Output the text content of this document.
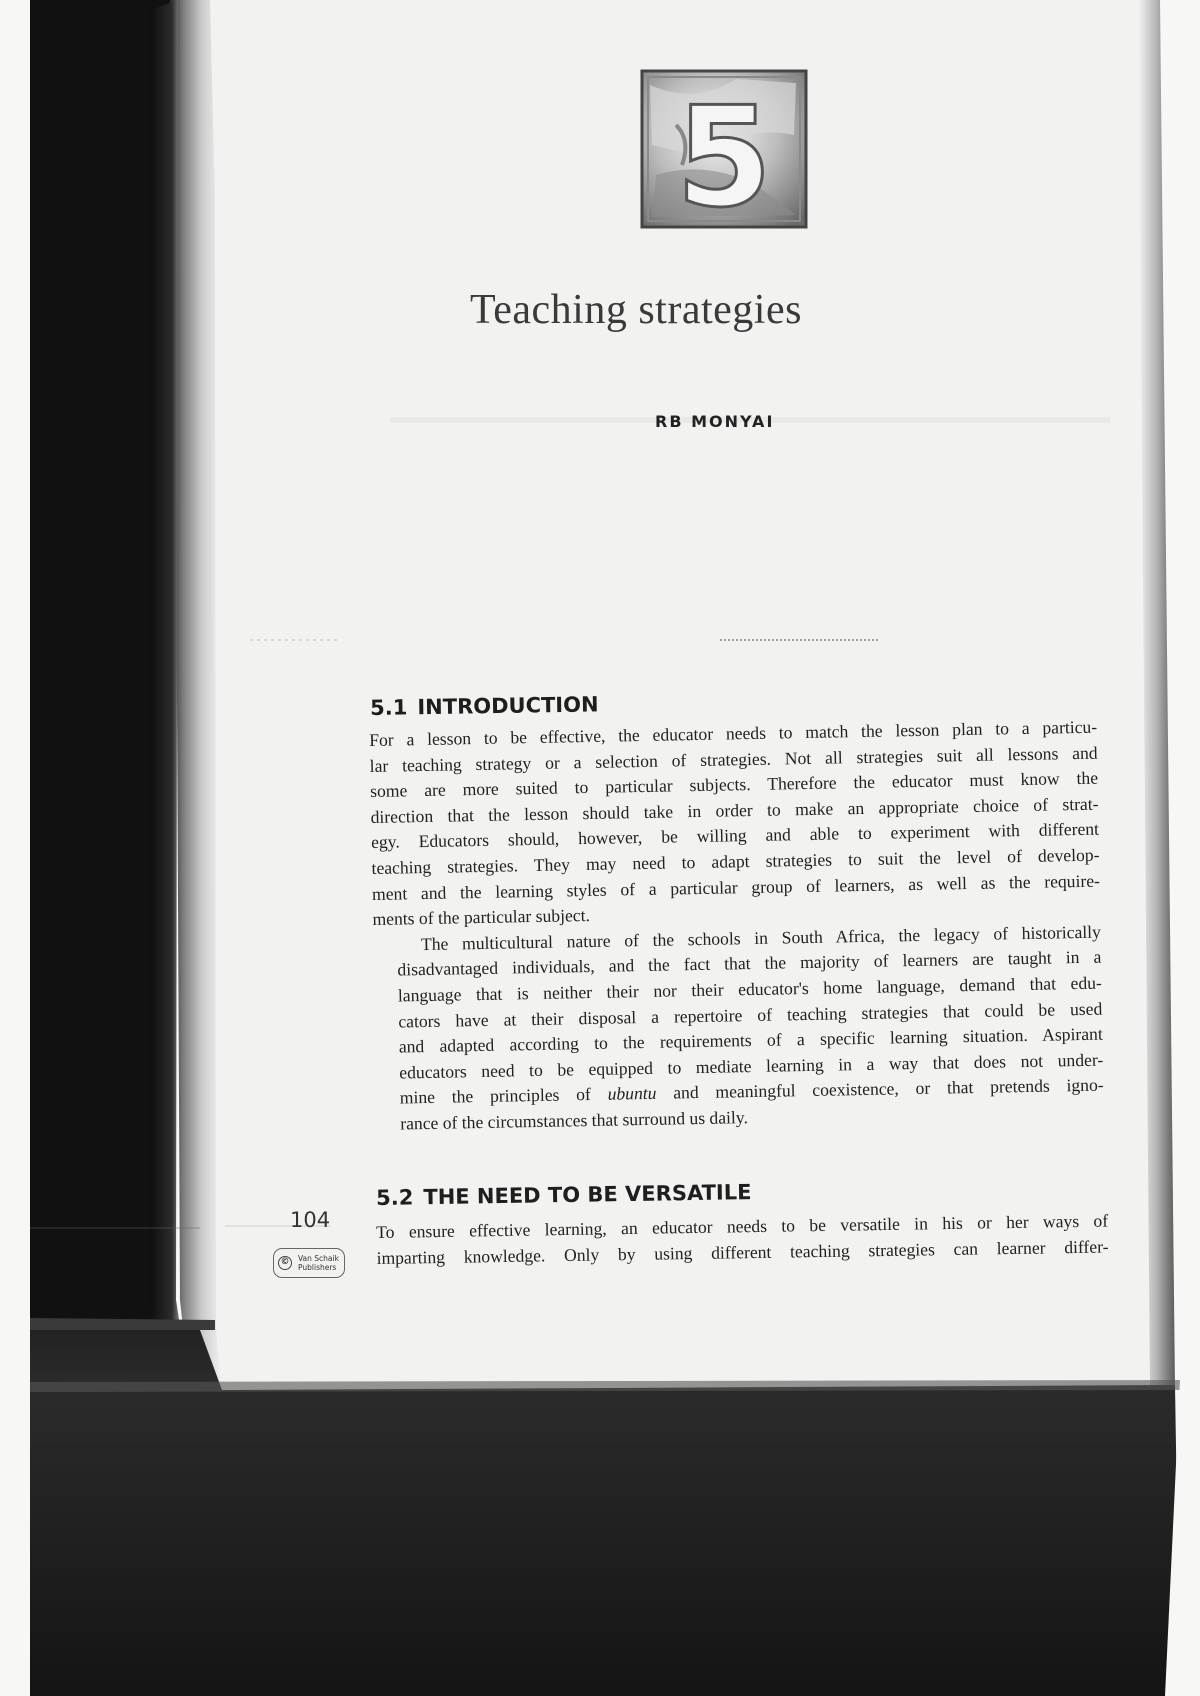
5
Teaching strategies
RB MONYAI
5.1 INTRODUCTION

For a lesson to be effective, the educator needs to match the lesson plan to a particu-
lar teaching strategy or a selection of strategies. Not all strategies suit all lessons and
some are more suited to particular subjects. Therefore the educator must know the
direction that the lesson should take in order to make an appropriate choice of strat-
egy. Educators should, however, be willing and able to experiment with different
teaching strategies. They may need to adapt strategies to suit the level of develop-
ment and the learning styles of a particular group of learners, as well as the require-
ments of the particular subject.

The multicultural nature of the schools in South Africa, the legacy of historically
disadvantaged individuals, and the fact that the majority of learners are taught in a
language that is neither their nor their educator's home language, demand that edu-
cators have at their disposal a repertoire of teaching strategies that could be used
and adapted according to the requirements of a specific learning situation. Aspirant
educators need to be equipped to mediate learning in a way that does not under-
mine the principles of ubuntu and meaningful coexistence, or that pretends igno-
rance of the circumstances that surround us daily.

5.2 THE NEED TO BE VERSATILE

To ensure effective learning, an educator needs to be versatile in his or her ways of
imparting knowledge. Only by using different teaching strategies can learner differ-

104
©	Van Schaik Publishers
